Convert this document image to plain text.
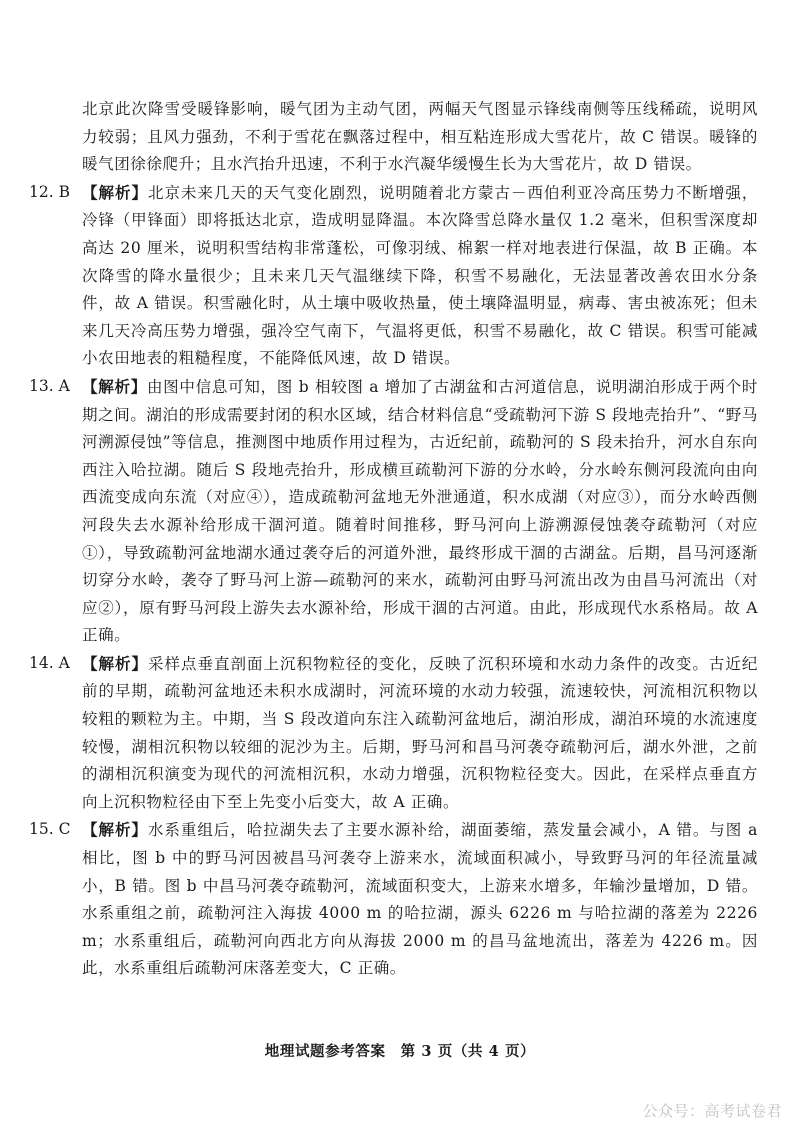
北京此次降雪受暖锋影响，暖气团为主动气团，两幅天气图显示锋线南侧等压线稀疏，说明风力较弱；且风力强劲，不利于雪花在飘落过程中，相互粘连形成大雪花片，故 C 错误。暖锋的暖气团徐徐爬升；且水汽抬升迅速，不利于水汽凝华缓慢生长为大雪花片，故 D 错误。

12. B 【解析】北京未来几天的天气变化剧烈，说明随着北方蒙古－西伯利亚冷高压势力不断增强，冷锋（甲锋面）即将抵达北京，造成明显降温。本次降雪总降水量仅 1.2 毫米，但积雪深度却高达 20 厘米，说明积雪结构非常蓬松，可像羽绒、棉絮一样对地表进行保温，故 B 正确。本次降雪的降水量很少；且未来几天气温继续下降，积雪不易融化，无法显著改善农田水分条件，故 A 错误。积雪融化时，从土壤中吸收热量，使土壤降温明显，病毒、害虫被冻死；但未来几天冷高压势力增强，强冷空气南下，气温将更低，积雪不易融化，故 C 错误。积雪可能减小农田地表的粗糙程度，不能降低风速，故 D 错误。

13. A 【解析】由图中信息可知，图 b 相较图 a 增加了古湖盆和古河道信息，说明湖泊形成于两个时期之间。湖泊的形成需要封闭的积水区域，结合材料信息“受疏勒河下游 S 段地壳抬升”、“野马河溯源侵蚀”等信息，推测图中地质作用过程为，古近纪前，疏勒河的 S 段未抬升，河水自东向西注入哈拉湖。随后 S 段地壳抬升，形成横亘疏勒河下游的分水岭，分水岭东侧河段流向由向西流变成向东流（对应④），造成疏勒河盆地无外泄通道，积水成湖（对应③），而分水岭西侧河段失去水源补给形成干涸河道。随着时间推移，野马河向上游溯源侵蚀袭夺疏勒河（对应①），导致疏勒河盆地湖水通过袭夺后的河道外泄，最终形成干涸的古湖盆。后期，昌马河逐渐切穿分水岭，袭夺了野马河上游—疏勒河的来水，疏勒河由野马河流出改为由昌马河流出（对应②），原有野马河段上游失去水源补给，形成干涸的古河道。由此，形成现代水系格局。故 A 正确。

14. A 【解析】采样点垂直剖面上沉积物粒径的变化，反映了沉积环境和水动力条件的改变。古近纪前的早期，疏勒河盆地还未积水成湖时，河流环境的水动力较强，流速较快，河流相沉积物以较粗的颗粒为主。中期，当 S 段改道向东注入疏勒河盆地后，湖泊形成，湖泊环境的水流速度较慢，湖相沉积物以较细的泥沙为主。后期，野马河和昌马河袭夺疏勒河后，湖水外泄，之前的湖相沉积演变为现代的河流相沉积，水动力增强，沉积物粒径变大。因此，在采样点垂直方向上沉积物粒径由下至上先变小后变大，故 A 正确。

15. C 【解析】水系重组后，哈拉湖失去了主要水源补给，湖面萎缩，蒸发量会减小，A 错。与图 a 相比，图 b 中的野马河因被昌马河袭夺上游来水，流域面积减小，导致野马河的年径流量减小，B 错。图 b 中昌马河袭夺疏勒河，流域面积变大，上游来水增多，年输沙量增加，D 错。水系重组之前，疏勒河注入海拔 4000 m 的哈拉湖，源头 6226 m 与哈拉湖的落差为 2226 m；水系重组后，疏勒河向西北方向从海拔 2000 m 的昌马盆地流出，落差为 4226 m。因此，水系重组后疏勒河床落差变大，C 正确。

地理试题参考答案　第 3 页（共 4 页）
公众号：高考试卷君
